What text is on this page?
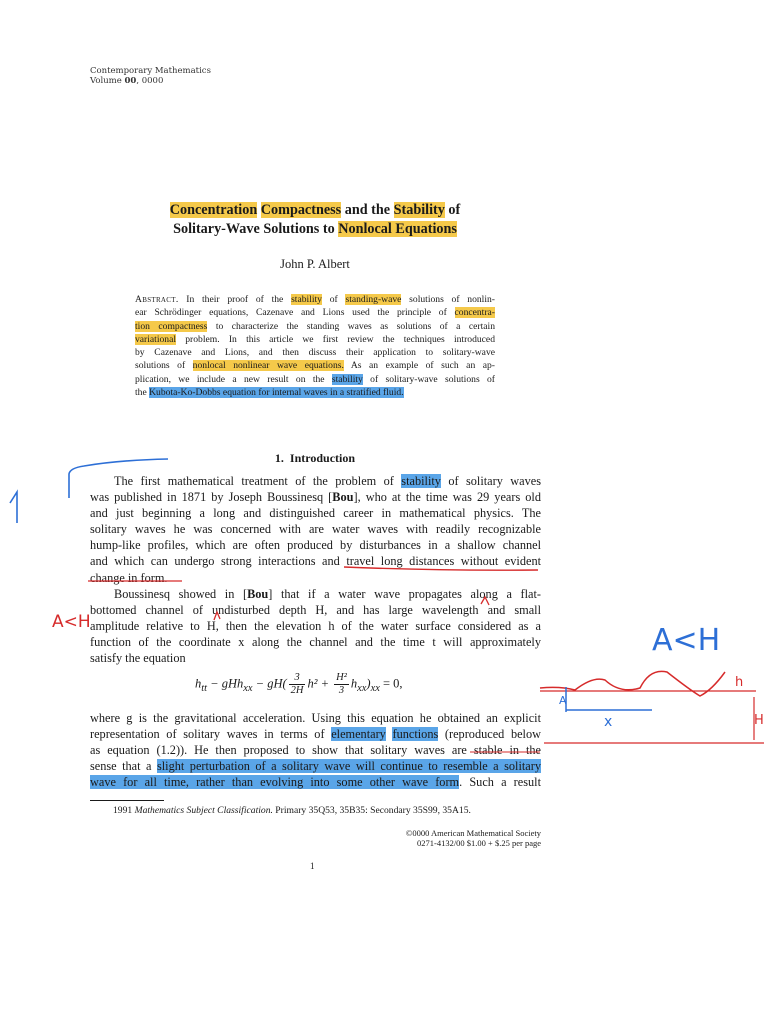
Contemporary Mathematics
Volume 00, 0000
Concentration Compactness and the Stability of
Solitary-Wave Solutions to Nonlocal Equations
John P. Albert
Abstract. In their proof of the stability of standing-wave solutions of nonlin-
ear Schrödinger equations, Cazenave and Lions used the principle of concentra-
tion compactness to characterize the standing waves as solutions of a certain
variational problem. In this article we first review the techniques introduced
by Cazenave and Lions, and then discuss their application to solitary-wave
solutions of nonlocal nonlinear wave equations. As an example of such an ap-
plication, we include a new result on the stability of solitary-wave solutions of
the Kubota-Ko-Dobbs equation for internal waves in a stratified fluid.
1. Introduction
The first mathematical treatment of the problem of stability of solitary waves
was published in 1871 by Joseph Boussinesq [Bou], who at the time was 29 years old
and just beginning a long and distinguished career in mathematical physics. The
solitary waves he was concerned with are water waves with readily recognizable
hump-like profiles, which are often produced by disturbances in a shallow channel
and which can undergo strong interactions and travel long distances without evident
change in form.
Boussinesq showed in [Bou] that if a water wave propagates along a flat-
bottomed channel of undisturbed depth H, and has large wavelength and small
amplitude relative to H, then the elevation h of the water surface considered as a
function of the coordinate x along the channel and the time t will approximately
satisfy the equation
$h_{tt} - gHh_{xx} - gH( \frac{3}{2H} h^2 + \frac{\text{H²}}{3} h_{xx})_{xx} = 0$,
where g is the gravitational acceleration. Using this equation he obtained an explicit
representation of solitary waves in terms of elementary functions (reproduced below
as equation (1.2)). He then proposed to show that solitary waves are stable in the
sense that a slight perturbation of a solitary wave will continue to resemble a solitary
wave for all time, rather than evolving into some other wave form. Such a result
1991 Mathematics Subject Classification. Primary 35Q53, 35B35: Secondary 35S99, 35A15.
©0000 American Mathematical Society
0271-4132/00 $1.00 + $.25 per page
1
A<H
A<H
h
H
A
x
